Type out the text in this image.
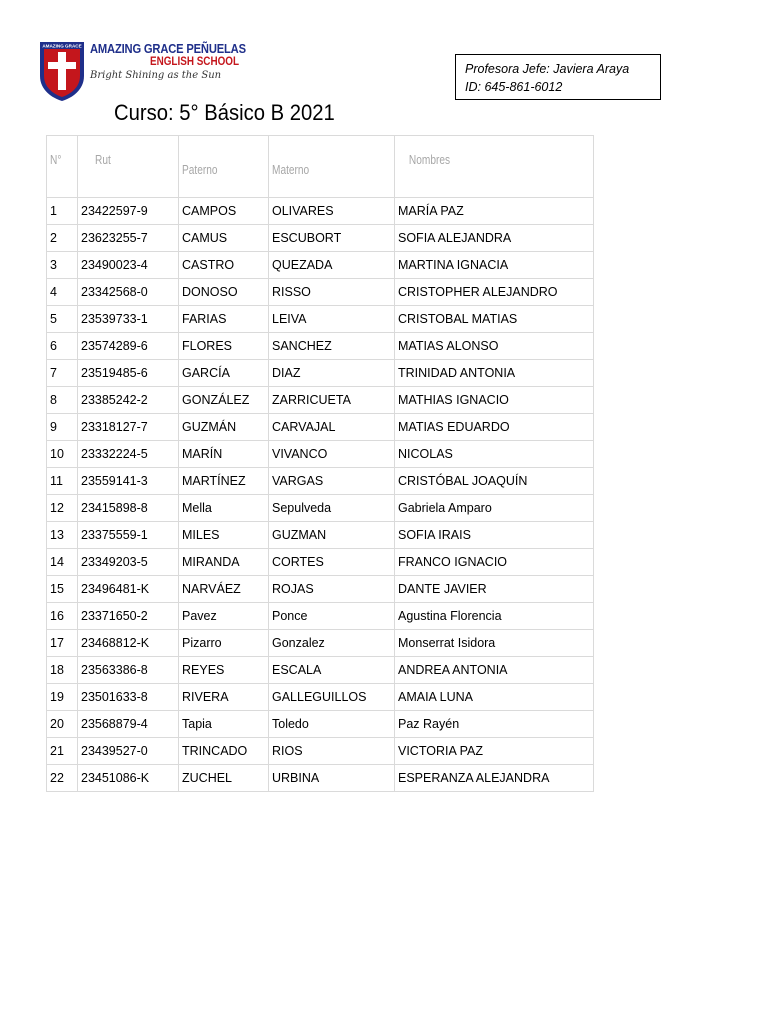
AMAZING GRACE AMAZING GRACE PEÑUELAS
ENGLISH SCHOOL
Bright Shining as the Sun	Profesora Jefe: Javiera Araya
ID: 645-861-6012
Curso: 5° Básico B 2021
N°	Rut	Paterno	Materno	Nombres
1	23422597-9	CAMPOS	OLIVARES	MARÍA PAZ
2	23623255-7	CAMUS	ESCUBORT	SOFIA ALEJANDRA
3	23490023-4	CASTRO	QUEZADA	MARTINA IGNACIA
4	23342568-0	DONOSO	RISSO	CRISTOPHER ALEJANDRO
5	23539733-1	FARIAS	LEIVA	CRISTOBAL MATIAS
6	23574289-6	FLORES	SANCHEZ	MATIAS ALONSO
7	23519485-6	GARCÍA	DIAZ	TRINIDAD ANTONIA
8	23385242-2	GONZÁLEZ	ZARRICUETA	MATHIAS IGNACIO
9	23318127-7	GUZMÁN	CARVAJAL	MATIAS EDUARDO
10	23332224-5	MARÍN	VIVANCO	NICOLAS
11	23559141-3	MARTÍNEZ	VARGAS	CRISTÓBAL JOAQUÍN
12	23415898-8	Mella	Sepulveda	Gabriela Amparo
13	23375559-1	MILES	GUZMAN	SOFIA IRAIS
14	23349203-5	MIRANDA	CORTES	FRANCO IGNACIO
15	23496481-K	NARVÁEZ	ROJAS	DANTE JAVIER
16	23371650-2	Pavez	Ponce	Agustina Florencia
17	23468812-K	Pizarro	Gonzalez	Monserrat Isidora
18	23563386-8	REYES	ESCALA	ANDREA ANTONIA
19	23501633-8	RIVERA	GALLEGUILLOS	AMAIA LUNA
20	23568879-4	Tapia	Toledo	Paz Rayén
21	23439527-0	TRINCADO	RIOS	VICTORIA PAZ
22	23451086-K	ZUCHEL	URBINA	ESPERANZA ALEJANDRA
